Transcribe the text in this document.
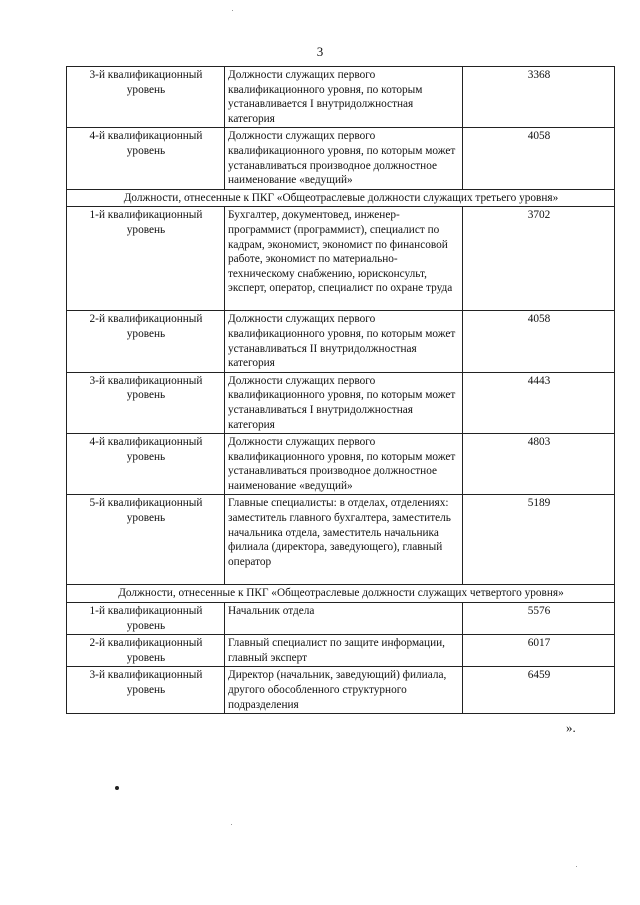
3
3-й квалификационный уровень	Должности служащих первого квалификационного уровня, по которым устанавливается I внутридолжностная категория	3368
4-й квалификационный уровень	Должности служащих первого квалификационного уровня, по которым может устанавливаться производное должностное наименование «ведущий»	4058
Должности, отнесенные к ПКГ «Общеотраслевые должности служащих третьего уровня»		
1-й квалификационный уровень	Бухгалтер, документовед, инженер-программист (программист), специалист по кадрам, экономист, экономист по финансовой работе, экономист по материально-техническому снабжению, юрисконсульт, эксперт, оператор, специалист по охране труда	3702
2-й квалификационный уровень	Должности служащих первого квалификационного уровня, по которым может устанавливаться II внутридолжностная категория	4058
3-й квалификационный уровень	Должности служащих первого квалификационного уровня, по которым может устанавливаться I внутридолжностная категория	4443
4-й квалификационный уровень	Должности служащих первого квалификационного уровня, по которым может устанавливаться производное должностное наименование «ведущий»	4803
5-й квалификационный уровень	Главные специалисты: в отделах, отделениях: заместитель главного бухгалтера, заместитель начальника отдела, заместитель начальника филиала (директора, заведующего), главный оператор	5189
Должности, отнесенные к ПКГ «Общеотраслевые должности служащих четвертого уровня»		
1-й квалификационный уровень	Начальник отдела	5576
2-й квалификационный уровень	Главный специалист по защите информации, главный эксперт	6017
3-й квалификационный уровень	Директор (начальник, заведующий) филиала, другого обособленного структурного подразделения	6459
».
